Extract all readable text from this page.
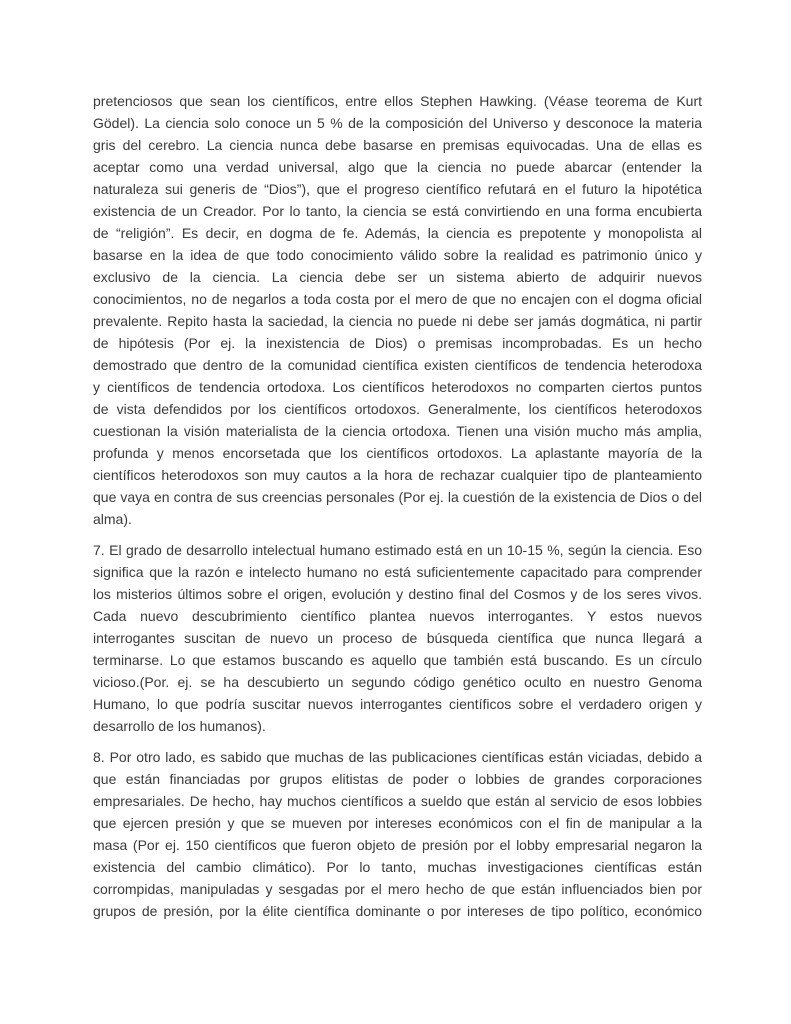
pretenciosos que sean los científicos, entre ellos Stephen Hawking. (Véase teorema de Kurt
Gödel). La ciencia solo conoce un 5 % de la composición del Universo y desconoce la materia
gris del cerebro. La ciencia nunca debe basarse en premisas equivocadas. Una de ellas es
aceptar como una verdad universal, algo que la ciencia no puede abarcar (entender la
naturaleza sui generis de “Dios”), que el progreso científico refutará en el futuro la hipotética
existencia de un Creador. Por lo tanto, la ciencia se está convirtiendo en una forma encubierta
de “religión”. Es decir, en dogma de fe. Además, la ciencia es prepotente y monopolista al
basarse en la idea de que todo conocimiento válido sobre la realidad es patrimonio único y
exclusivo de la ciencia. La ciencia debe ser un sistema abierto de adquirir nuevos
conocimientos, no de negarlos a toda costa por el mero de que no encajen con el dogma oficial
prevalente. Repito hasta la saciedad, la ciencia no puede ni debe ser jamás dogmática, ni partir
de hipótesis (Por ej. la inexistencia de Dios) o premisas incomprobadas. Es un hecho
demostrado que dentro de la comunidad científica existen científicos de tendencia heterodoxa
y científicos de tendencia ortodoxa. Los científicos heterodoxos no comparten ciertos puntos
de vista defendidos por los científicos ortodoxos. Generalmente, los científicos heterodoxos
cuestionan la visión materialista de la ciencia ortodoxa. Tienen una visión mucho más amplia,
profunda y menos encorsetada que los científicos ortodoxos. La aplastante mayoría de la
científicos heterodoxos son muy cautos a la hora de rechazar cualquier tipo de planteamiento
que vaya en contra de sus creencias personales (Por ej. la cuestión de la existencia de Dios o del
alma).
7. El grado de desarrollo intelectual humano estimado está en un 10-15 %, según la ciencia. Eso
significa que la razón e intelecto humano no está suficientemente capacitado para comprender
los misterios últimos sobre el origen, evolución y destino final del Cosmos y de los seres vivos.
Cada nuevo descubrimiento científico plantea nuevos interrogantes. Y estos nuevos
interrogantes suscitan de nuevo un proceso de búsqueda científica que nunca llegará a
terminarse. Lo que estamos buscando es aquello que también está buscando. Es un círculo
vicioso.(Por. ej. se ha descubierto un segundo código genético oculto en nuestro Genoma
Humano, lo que podría suscitar nuevos interrogantes científicos sobre el verdadero origen y
desarrollo de los humanos).
8. Por otro lado, es sabido que muchas de las publicaciones científicas están viciadas, debido a
que están financiadas por grupos elitistas de poder o lobbies de grandes corporaciones
empresariales. De hecho, hay muchos científicos a sueldo que están al servicio de esos lobbies
que ejercen presión y que se mueven por intereses económicos con el fin de manipular a la
masa (Por ej. 150 científicos que fueron objeto de presión por el lobby empresarial negaron la
existencia del cambio climático). Por lo tanto, muchas investigaciones científicas están
corrompidas, manipuladas y sesgadas por el mero hecho de que están influenciados bien por
grupos de presión, por la élite científica dominante o por intereses de tipo político, económico
